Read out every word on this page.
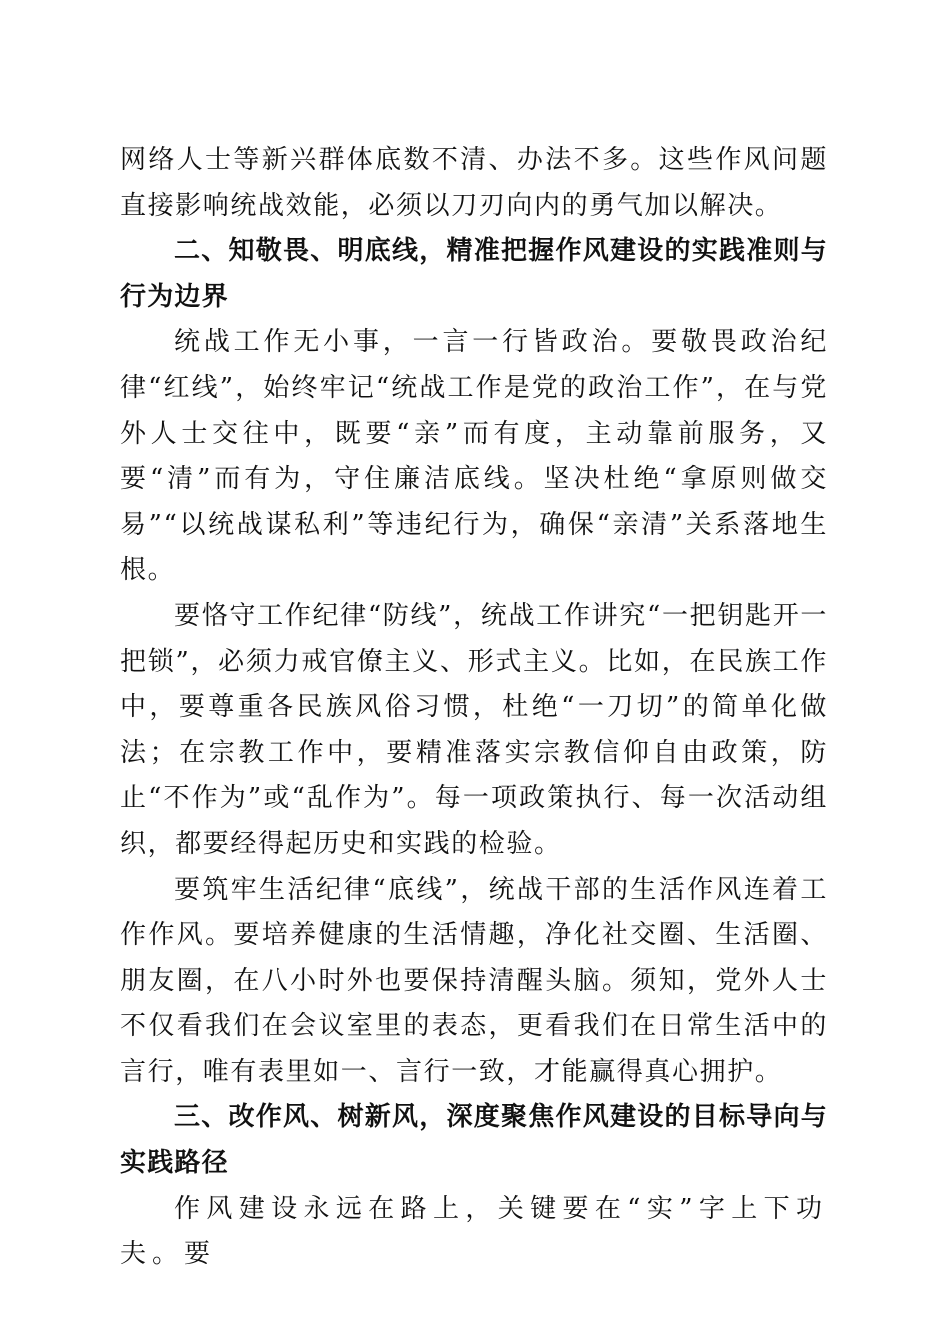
网络人士等新兴群体底数不清、办法不多。这些作风问题直接影响统战效能，必须以刀刃向内的勇气加以解决。

二、知敬畏、明底线，精准把握作风建设的实践准则与行为边界

统战工作无小事，一言一行皆政治。要敬畏政治纪律“红线”，始终牢记“统战工作是党的政治工作”，在与党外人士交往中，既要“亲”而有度，主动靠前服务，又要“清”而有为，守住廉洁底线。坚决杜绝“拿原则做交易”“以统战谋私利”等违纪行为，确保“亲清”关系落地生根。

要恪守工作纪律“防线”，统战工作讲究“一把钥匙开一把锁”，必须力戒官僚主义、形式主义。比如，在民族工作中，要尊重各民族风俗习惯，杜绝“一刀切”的简单化做法；在宗教工作中，要精准落实宗教信仰自由政策，防止“不作为”或“乱作为”。每一项政策执行、每一次活动组织，都要经得起历史和实践的检验。

要筑牢生活纪律“底线”，统战干部的生活作风连着工作作风。要培养健康的生活情趣，净化社交圈、生活圈、朋友圈，在八小时外也要保持清醒头脑。须知，党外人士不仅看我们在会议室里的表态，更看我们在日常生活中的言行，唯有表里如一、言行一致，才能赢得真心拥护。

三、改作风、树新风，深度聚焦作风建设的目标导向与实践路径

作风建设永远在路上，关键要在“实”字上下功夫。要
